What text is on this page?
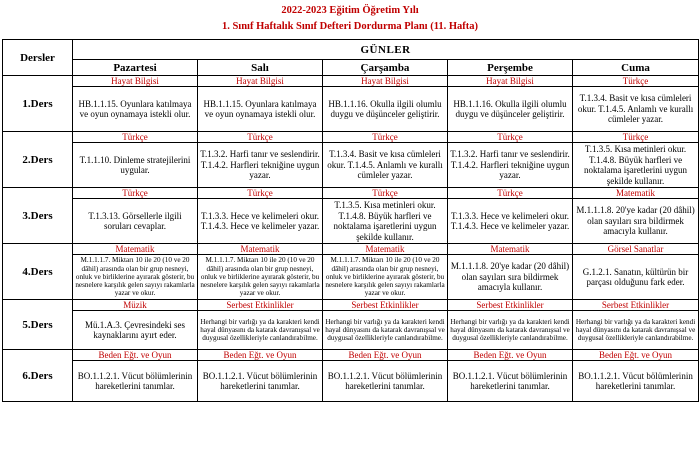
2022-2023 Eğitim Öğretim Yılı
1. Sınıf Haftalık Sınıf Defteri Dordurma Planı (11. Hafta)
Dersler	GÜNLER				
	Pazartesi	Salı	Çarşamba	Perşembe	Cuma
1.Ders	Hayat Bilgisi	Hayat Bilgisi	Hayat Bilgisi	Hayat Bilgisi	Türkçe
	HB.1.1.15. Oyunlara katılmaya ve oyun oynamaya istekli olur.	HB.1.1.15. Oyunlara katılmaya ve oyun oynamaya istekli olur.	HB.1.1.16. Okulla ilgili olumlu duygu ve düşünceler geliştirir.	HB.1.1.16. Okulla ilgili olumlu duygu ve düşünceler geliştirir.	T.1.3.4. Basit ve kısa cümleleri okur. T.1.4.5. Anlamlı ve kurallı cümleler yazar.
2.Ders	Türkçe	Türkçe	Türkçe	Türkçe	Türkçe
	T.1.1.10. Dinleme stratejilerini uygular.	T.1.3.2. Harfi tanır ve seslendirir. T.1.4.2. Harfleri tekniğine uygun yazar.	T.1.3.4. Basit ve kısa cümleleri okur. T.1.4.5. Anlamlı ve kurallı cümleler yazar.	T.1.3.2. Harfi tanır ve seslendirir. T.1.4.2. Harfleri tekniğine uygun yazar.	T.1.3.5. Kısa metinleri okur. T.1.4.8. Büyük harfleri ve noktalama işaretlerini uygun şekilde kullanır.
3.Ders	Türkçe	Türkçe	Türkçe	Türkçe	Matematik
	T.1.3.13. Görsellerle ilgili soruları cevaplar.	T.1.3.3. Hece ve kelimeleri okur. T.1.4.3. Hece ve kelimeler yazar.	T.1.3.5. Kısa metinleri okur. T.1.4.8. Büyük harfleri ve noktalama işaretlerini uygun şekilde kullanır.	T.1.3.3. Hece ve kelimeleri okur. T.1.4.3. Hece ve kelimeler yazar.	M.1.1.1.8. 20'ye kadar (20 dâhil) olan sayıları sıra bildirmek amacıyla kullanır.
4.Ders	Matematik	Matematik	Matematik	Matematik	Görsel Sanatlar
	M.1.1.1.7. Miktarı 10 ile 20 (10 ve 20 dâhil) arasında olan bir grup nesneyi, onluk ve birliklerine ayırarak gösterir, bu nesnelere karşılık gelen sayıyı rakamlarla yazar ve okur.	M.1.1.1.7. Miktarı 10 ile 20 (10 ve 20 dâhil) arasında olan bir grup nesneyi, onluk ve birliklerine ayırarak gösterir, bu nesnelere karşılık gelen sayıyı rakamlarla yazar ve okur.	M.1.1.1.7. Miktarı 10 ile 20 (10 ve 20 dâhil) arasında olan bir grup nesneyi, onluk ve birliklerine ayırarak gösterir, bu nesnelere karşılık gelen sayıyı rakamlarla yazar ve okur.	M.1.1.1.8. 20'ye kadar (20 dâhil) olan sayıları sıra bildirmek amacıyla kullanır.	G.1.2.1. Sanatın, kültürün bir parçası olduğunu fark eder.
5.Ders	Müzik	Serbest Etkinlikler	Serbest Etkinlikler	Serbest Etkinlikler	Serbest Etkinlikler
	Mü.1.A.3. Çevresindeki ses kaynaklarını ayırt eder.	Herhangi bir varlığı ya da karakteri kendi hayal dünyasını da katarak davranışsal ve duygusal özellikleriyle canlandırabilme.	Herhangi bir varlığı ya da karakteri kendi hayal dünyasını da katarak davranışsal ve duygusal özellikleriyle canlandırabilme.	Herhangi bir varlığı ya da karakteri kendi hayal dünyasını da katarak davranışsal ve duygusal özellikleriyle canlandırabilme.	Herhangi bir varlığı ya da karakteri kendi hayal dünyasını da katarak davranışsal ve duygusal özellikleriyle canlandırabilme.
6.Ders	Beden Eğt. ve Oyun	Beden Eğt. ve Oyun	Beden Eğt. ve Oyun	Beden Eğt. ve Oyun	Beden Eğt. ve Oyun
	BO.1.1.2.1. Vücut bölümlerinin hareketlerini tanımlar.	BO.1.1.2.1. Vücut bölümlerinin hareketlerini tanımlar.	BO.1.1.2.1. Vücut bölümlerinin hareketlerini tanımlar.	BO.1.1.2.1. Vücut bölümlerinin hareketlerini tanımlar.	BO.1.1.2.1. Vücut bölümlerinin hareketlerini tanımlar.
